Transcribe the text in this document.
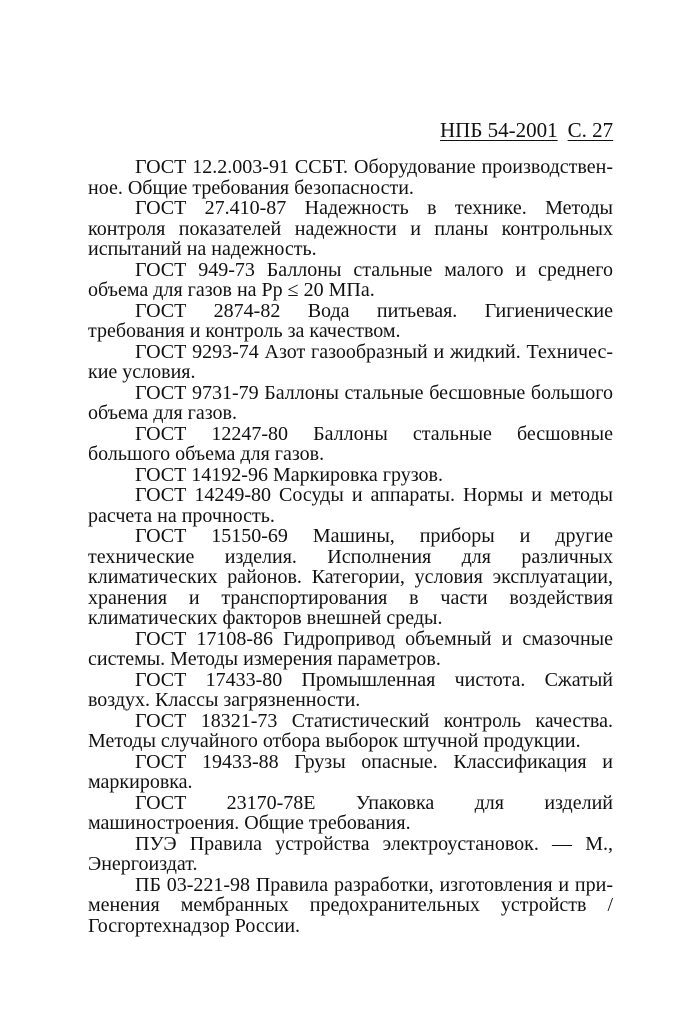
НПБ 54-2001 С. 27

ГОСТ 12.2.003-91 ССБТ. Оборудование производственное. Общие требования безопасности.

ГОСТ 27.410-87 Надежность в технике. Методы контроля показателей надежности и планы контрольных испытаний на надежность.

ГОСТ 949-73 Баллоны стальные малого и среднего объема для газов на Pp ≤ 20 МПа.

ГОСТ 2874-82 Вода питьевая. Гигиенические требования и контроль за качеством.

ГОСТ 9293-74 Азот газообразный и жидкий. Технические условия.

ГОСТ 9731-79 Баллоны стальные бесшовные большого объема для газов.

ГОСТ 12247-80 Баллоны стальные бесшовные большого объема для газов.

ГОСТ 14192-96 Маркировка грузов.

ГОСТ 14249-80 Сосуды и аппараты. Нормы и методы расчета на прочность.

ГОСТ 15150-69 Машины, приборы и другие технические изделия. Исполнения для различных климатических районов. Категории, условия эксплуатации, хранения и транспортирования в части воздействия климатических факторов внешней среды.

ГОСТ 17108-86 Гидропривод объемный и смазочные системы. Методы измерения параметров.

ГОСТ 17433-80 Промышленная чистота. Сжатый воздух. Классы загрязненности.

ГОСТ 18321-73 Статистический контроль качества. Методы случайного отбора выборок штучной продукции.

ГОСТ 19433-88 Грузы опасные. Классификация и маркировка.

ГОСТ 23170-78Е Упаковка для изделий машиностроения. Общие требования.

ПУЭ Правила устройства электроустановок. — М., Энергоиздат.

ПБ 03-221-98 Правила разработки, изготовления и применения мембранных предохранительных устройств / Госгортехнадзор России.
